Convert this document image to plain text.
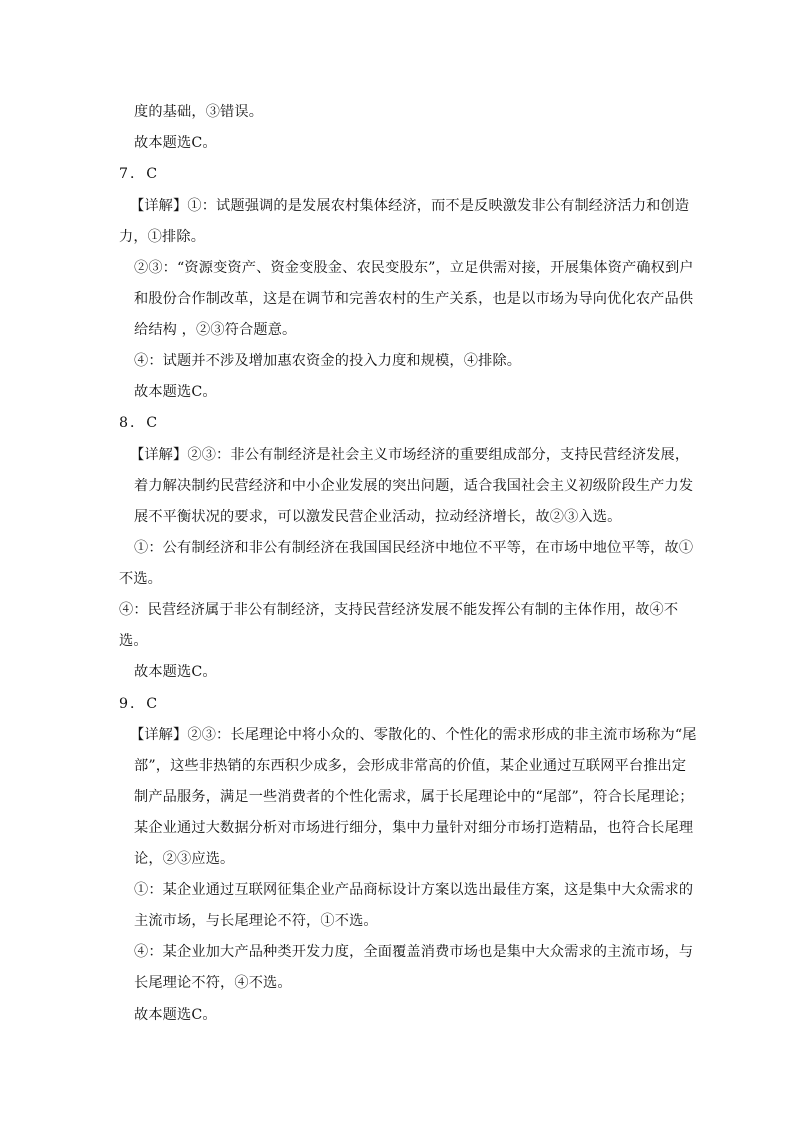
度的基础，③错误。
故本题选C。
7．C
【详解】①：试题强调的是发展农村集体经济，而不是反映激发非公有制经济活力和创造
力，①排除。
②③：“资源变资产、资金变股金、农民变股东”，立足供需对接，开展集体资产确权到户
和股份合作制改革，这是在调节和完善农村的生产关系，也是以市场为导向优化农产品供
给结构 ，②③符合题意。
④：试题并不涉及增加惠农资金的投入力度和规模，④排除。
故本题选C。
8．C
【详解】②③：非公有制经济是社会主义市场经济的重要组成部分，支持民营经济发展，
着力解决制约民营经济和中小企业发展的突出问题，适合我国社会主义初级阶段生产力发
展不平衡状况的要求，可以激发民营企业活动，拉动经济增长，故②③入选。
①：公有制经济和非公有制经济在我国国民经济中地位不平等，在市场中地位平等，故①
不选。
④：民营经济属于非公有制经济，支持民营经济发展不能发挥公有制的主体作用，故④不
选。
故本题选C。
9．C
【详解】②③：长尾理论中将小众的、零散化的、个性化的需求形成的非主流市场称为“尾
部”，这些非热销的东西积少成多，会形成非常高的价值，某企业通过互联网平台推出定
制产品服务，满足一些消费者的个性化需求，属于长尾理论中的“尾部”，符合长尾理论；
某企业通过大数据分析对市场进行细分，集中力量针对细分市场打造精品，也符合长尾理
论，②③应选。
①：某企业通过互联网征集企业产品商标设计方案以选出最佳方案，这是集中大众需求的
主流市场，与长尾理论不符，①不选。
④：某企业加大产品种类开发力度，全面覆盖消费市场也是集中大众需求的主流市场，与
长尾理论不符，④不选。
故本题选C。
